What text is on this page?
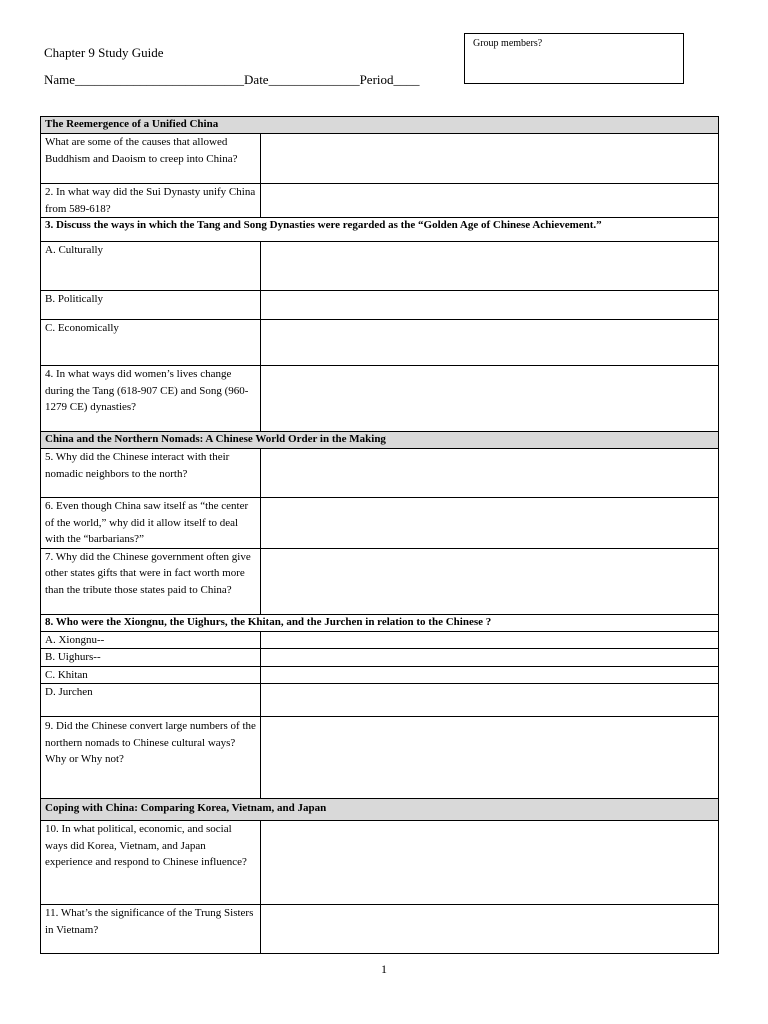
Chapter 9 Study Guide
Name__________________________Date______________Period____
Group members?
The Reemergence of a Unified China	
What are some of the causes that allowed Buddhism and Daoism to creep into China?	
2. In what way did the Sui Dynasty unify China from 589-618?	
3. Discuss the ways in which the Tang and Song Dynasties were regarded as the “Golden Age of Chinese Achievement.”	
A. Culturally	
B. Politically	
C. Economically	
4. In what ways did women’s lives change during the Tang (618-907 CE) and Song (960-1279 CE) dynasties?	
China and the Northern Nomads: A Chinese World Order in the Making	
5. Why did the Chinese interact with their nomadic neighbors to the north?	
6. Even though China saw itself as “the center of the world,” why did it allow itself to deal with the “barbarians?”	
7. Why did the Chinese government often give other states gifts that were in fact worth more than the tribute those states paid to China?	
8. Who were the Xiongnu, the Uighurs, the Khitan, and the Jurchen in relation to the Chinese ?	
A. Xiongnu--	
B. Uighurs--	
C. Khitan	
D. Jurchen	
9. Did the Chinese convert large numbers of the northern nomads to Chinese cultural ways? Why or Why not?	
Coping with China: Comparing Korea, Vietnam, and Japan	
10. In what political, economic, and social ways did Korea, Vietnam, and Japan experience and respond to Chinese influence?	
11. What’s the significance of the Trung Sisters in Vietnam?	
1
